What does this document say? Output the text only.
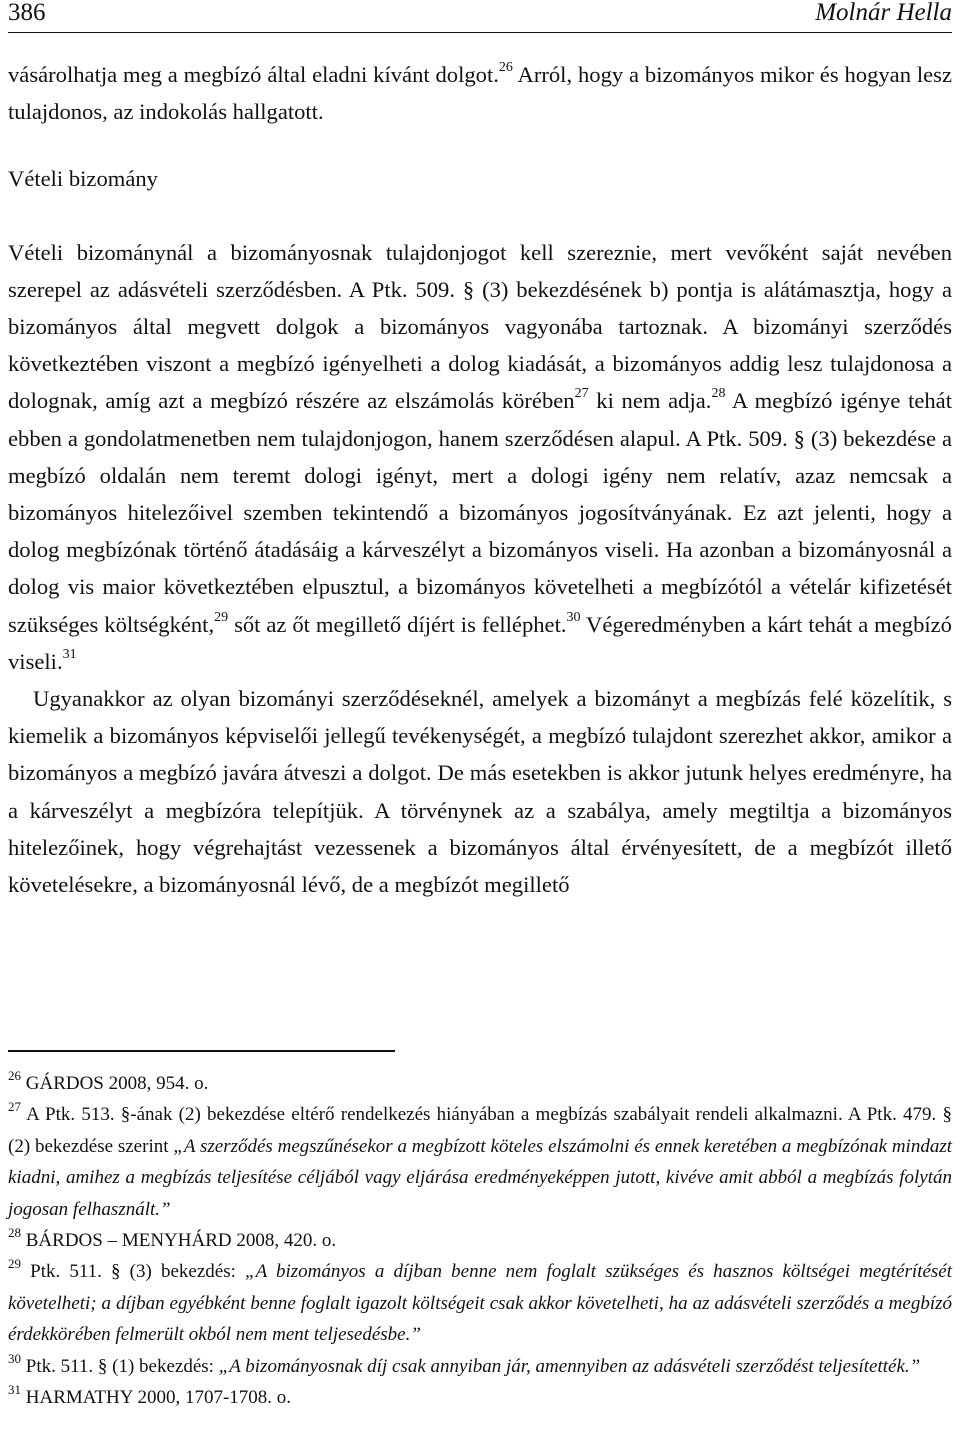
386	Molnár Hella

vásárolhatja meg a megbízó által eladni kívánt dolgot.$^{26}$ Arról, hogy a bizományos mikor és hogyan lesz tulajdonos, az indokolás hallgatott.

Vételi bizomány

Vételi bizománynál a bizományosnak tulajdonjogot kell szereznie, mert vevőként saját nevében szerepel az adásvételi szerződésben. A Ptk. 509. § (3) bekezdésének b) pontja is alátámasztja, hogy a bizományos által megvett dolgok a bizományos vagyonába tartoznak. A bizományi szerződés következtében viszont a megbízó igényelheti a dolog kiadását, a bizományos addig lesz tulajdonosa a dolognak, amíg azt a megbízó részére az elszámolás körében$^{27}$ ki nem adja.$^{28}$ A megbízó igénye tehát ebben a gondolatmenetben nem tulajdonjogon, hanem szerződésen alapul. A Ptk. 509. § (3) bekezdése a megbízó oldalán nem teremt dologi igényt, mert a dologi igény nem relatív, azaz nemcsak a bizományos hitelezőivel szemben tekintendő a bizományos jogosítványának. Ez azt jelenti, hogy a dolog megbízónak történő átadásáig a kárveszélyt a bizományos viseli. Ha azonban a bizományosnál a dolog vis maior következtében elpusztul, a bizományos követelheti a megbízótól a vételár kifizetését szükséges költségként,$^{29}$ sőt az őt megillető díjért is felléphet.$^{30}$ Végeredményben a kárt tehát a megbízó viseli.$^{31}$

Ugyanakkor az olyan bizományi szerződéseknél, amelyek a bizományt a megbízás felé közelítik, s kiemelik a bizományos képviselői jellegű tevékenységét, a megbízó tulajdont szerezhet akkor, amikor a bizományos a megbízó javára átveszi a dolgot. De más esetekben is akkor jutunk helyes eredményre, ha a kárveszélyt a megbízóra telepítjük. A törvénynek az a szabálya, amely megtiltja a bizományos hitelezőinek, hogy végrehajtást vezessenek a bizományos által érvényesített, de a megbízót illető követelésekre, a bizományosnál lévő, de a megbízót megillető

$^{26}$ GÁRDOS 2008, 954. o.

$^{27}$ A Ptk. 513. §-ának (2) bekezdése eltérő rendelkezés hiányában a megbízás szabályait rendeli alkalmazni. A Ptk. 479. § (2) bekezdése szerint „A szerződés megszűnésekor a megbízott köteles elszámolni és ennek keretében a megbízónak mindazt kiadni, amihez a megbízás teljesítése céljából vagy eljárása eredményeképpen jutott, kivéve amit abból a megbízás folytán jogosan felhasznált.”

$^{28}$ BÁRDOS – MENYHÁRD 2008, 420. o.

$^{29}$ Ptk. 511. § (3) bekezdés: „A bizományos a díjban benne nem foglalt szükséges és hasznos költségei megtérítését követelheti; a díjban egyébként benne foglalt igazolt költségeit csak akkor követelheti, ha az adásvételi szerződés a megbízó érdekkörében felmerült okból nem ment teljesedésbe.”

$^{30}$ Ptk. 511. § (1) bekezdés: „A bizományosnak díj csak annyiban jár, amennyiben az adásvételi szerződést teljesítették.”

$^{31}$ HARMATHY 2000, 1707-1708. o.
